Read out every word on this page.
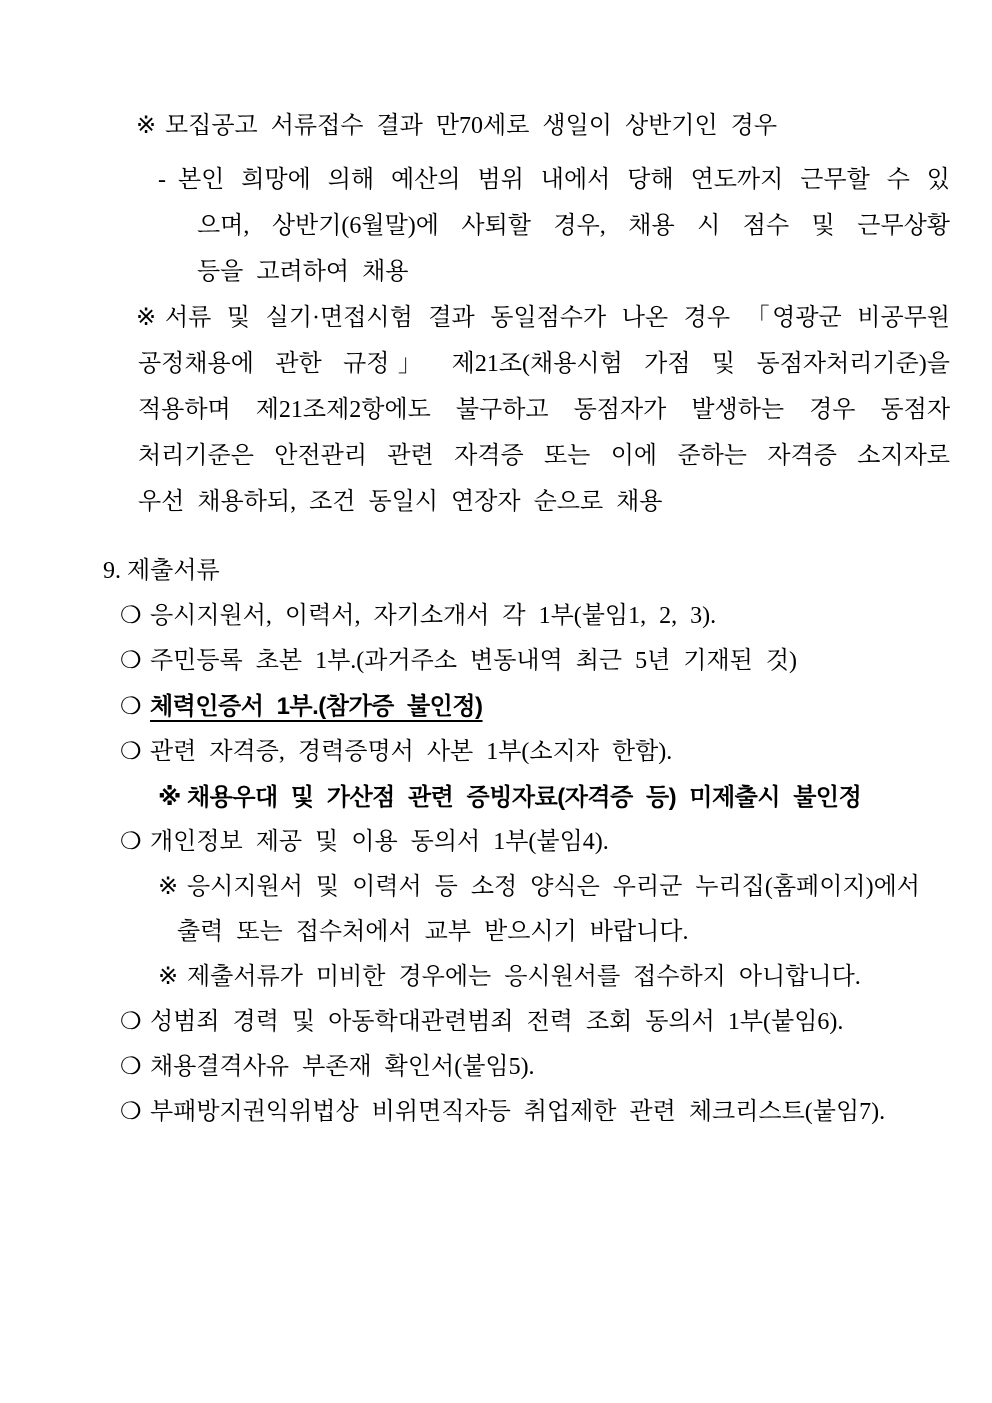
※ 모집공고 서류접수 결과 만70세로 생일이 상반기인 경우
- 본인 희망에 의해 예산의 범위 내에서 당해 연도까지 근무할 수 있
으며, 상반기(6월말)에 사퇴할 경우, 채용 시 점수 및 근무상황
등을 고려하여 채용
※ 서류 및 실기·면접시험 결과 동일점수가 나온 경우 「영광군 비공무원
공정채용에 관한 규정」 제21조(채용시험 가점 및 동점자처리기준)을
적용하며 제21조제2항에도 불구하고 동점자가 발생하는 경우 동점자
처리기준은 안전관리 관련 자격증 또는 이에 준하는 자격증 소지자로
우선 채용하되, 조건 동일시 연장자 순으로 채용
9. 제출서류
❍ 응시지원서, 이력서, 자기소개서 각 1부(붙임1, 2, 3).
❍ 주민등록 초본 1부.(과거주소 변동내역 최근 5년 기재된 것)
❍ 체력인증서 1부.(참가증 불인정)
❍ 관련 자격증, 경력증명서 사본 1부(소지자 한함).
※ 채용우대 및 가산점 관련 증빙자료(자격증 등) 미제출시 불인정
❍ 개인정보 제공 및 이용 동의서 1부(붙임4).
※ 응시지원서 및 이력서 등 소정 양식은 우리군 누리집(홈페이지)에서
출력 또는 접수처에서 교부 받으시기 바랍니다.
※ 제출서류가 미비한 경우에는 응시원서를 접수하지 아니합니다.
❍ 성범죄 경력 및 아동학대관련범죄 전력 조회 동의서 1부(붙임6).
❍ 채용결격사유 부존재 확인서(붙임5).
❍ 부패방지권익위법상 비위면직자등 취업제한 관련 체크리스트(붙임7).
